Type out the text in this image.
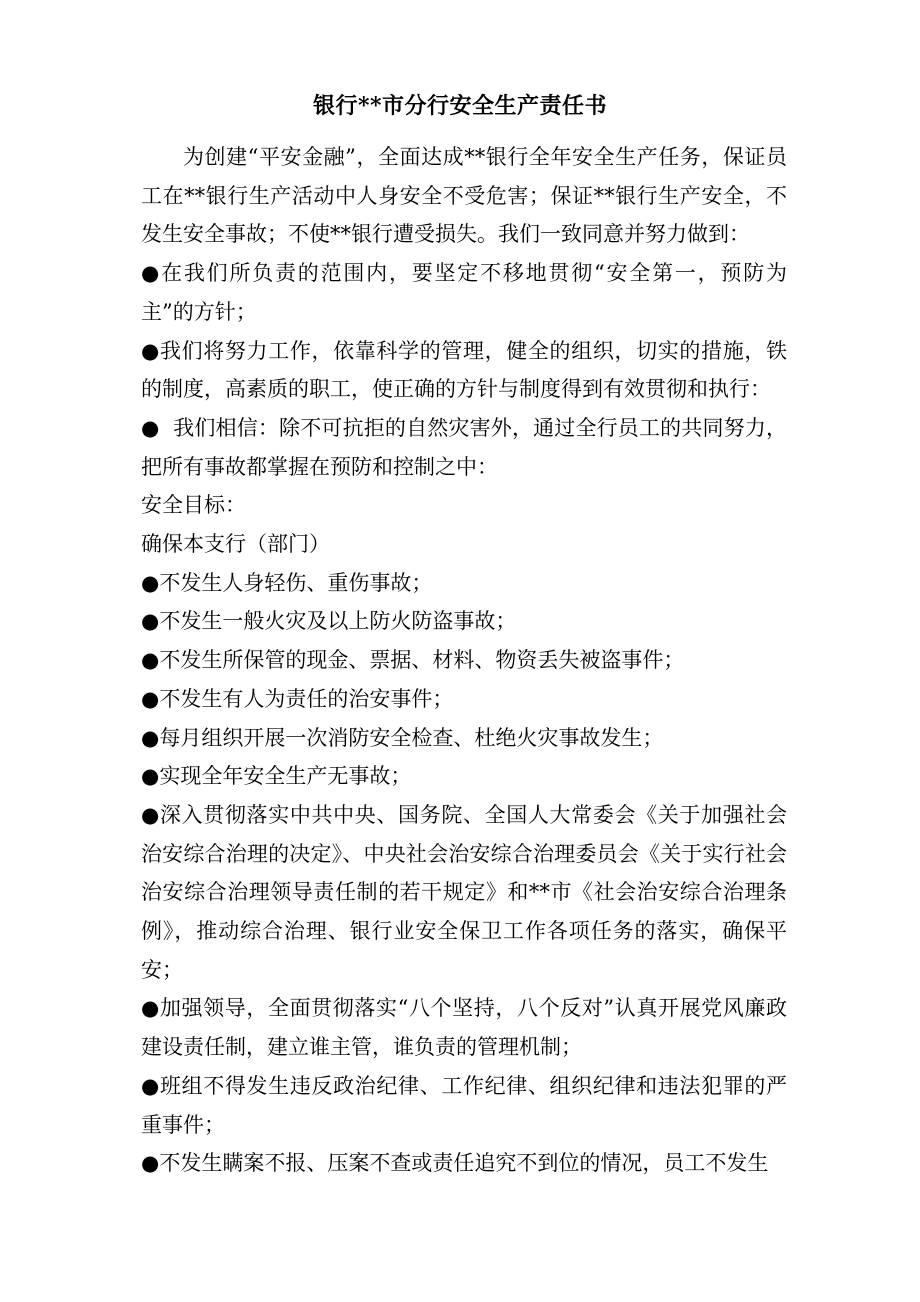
银行**市分行安全生产责任书

为创建“平安金融”，全面达成**银行全年安全生产任务，保证员工在**银行生产活动中人身安全不受危害；保证**银行生产安全，不发生安全事故；不使**银行遭受损失。我们一致同意并努力做到：

● 在我们所负责的范围内，要坚定不移地贯彻“安全第一，预防为主”的方针；

● 我们将努力工作，依靠科学的管理，健全的组织，切实的措施，铁的制度，高素质的职工，使正确的方针与制度得到有效贯彻和执行：

● 我们相信：除不可抗拒的自然灾害外，通过全行员工的共同努力，把所有事故都掌握在预防和控制之中：

安全目标：

确保本支行（部门）

● 不发生人身轻伤、重伤事故；

● 不发生一般火灾及以上防火防盗事故；

● 不发生所保管的现金、票据、材料、物资丢失被盗事件；

● 不发生有人为责任的治安事件；

● 每月组织开展一次消防安全检查、杜绝火灾事故发生；

● 实现全年安全生产无事故；

● 深入贯彻落实中共中央、国务院、全国人大常委会《关于加强社会治安综合治理的决定》、中央社会治安综合治理委员会《关于实行社会治安综合治理领导责任制的若干规定》和**市《社会治安综合治理条例》，推动综合治理、银行业安全保卫工作各项任务的落实，确保平安；

● 加强领导，全面贯彻落实“八个坚持，八个反对”认真开展党风廉政建设责任制，建立谁主管，谁负责的管理机制；

● 班组不得发生违反政治纪律、工作纪律、组织纪律和违法犯罪的严重事件；

● 不发生瞒案不报、压案不查或责任追究不到位的情况，员工不发生
